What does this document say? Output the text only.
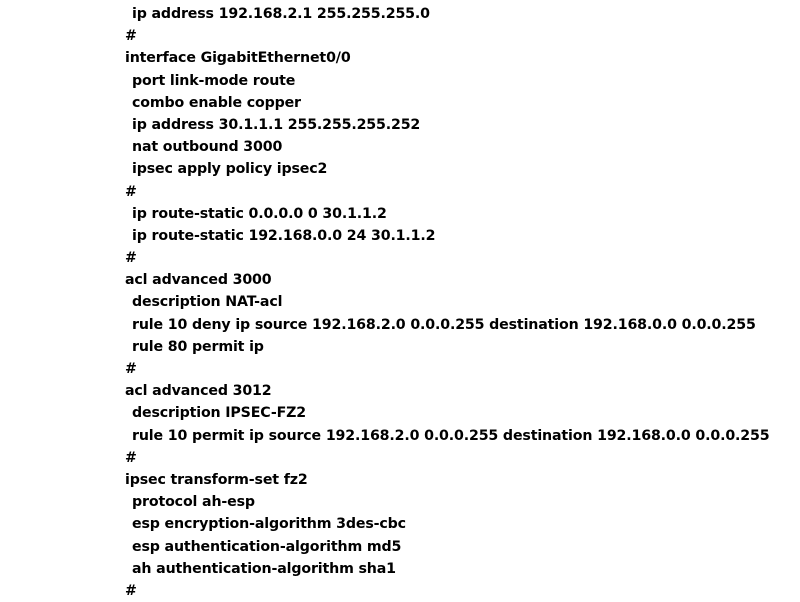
ip address 192.168.2.1 255.255.255.0
#
interface GigabitEthernet0/0
port link-mode route
combo enable copper
ip address 30.1.1.1 255.255.255.252
nat outbound 3000
ipsec apply policy ipsec2
#
ip route-static 0.0.0.0 0 30.1.1.2
ip route-static 192.168.0.0 24 30.1.1.2
#
acl advanced 3000
description NAT-acl
rule 10 deny ip source 192.168.2.0 0.0.0.255 destination 192.168.0.0 0.0.0.255
rule 80 permit ip
#
acl advanced 3012
description IPSEC-FZ2
rule 10 permit ip source 192.168.2.0 0.0.0.255 destination 192.168.0.0 0.0.0.255
#
ipsec transform-set fz2
protocol ah-esp
esp encryption-algorithm 3des-cbc
esp authentication-algorithm md5
ah authentication-algorithm sha1
#
